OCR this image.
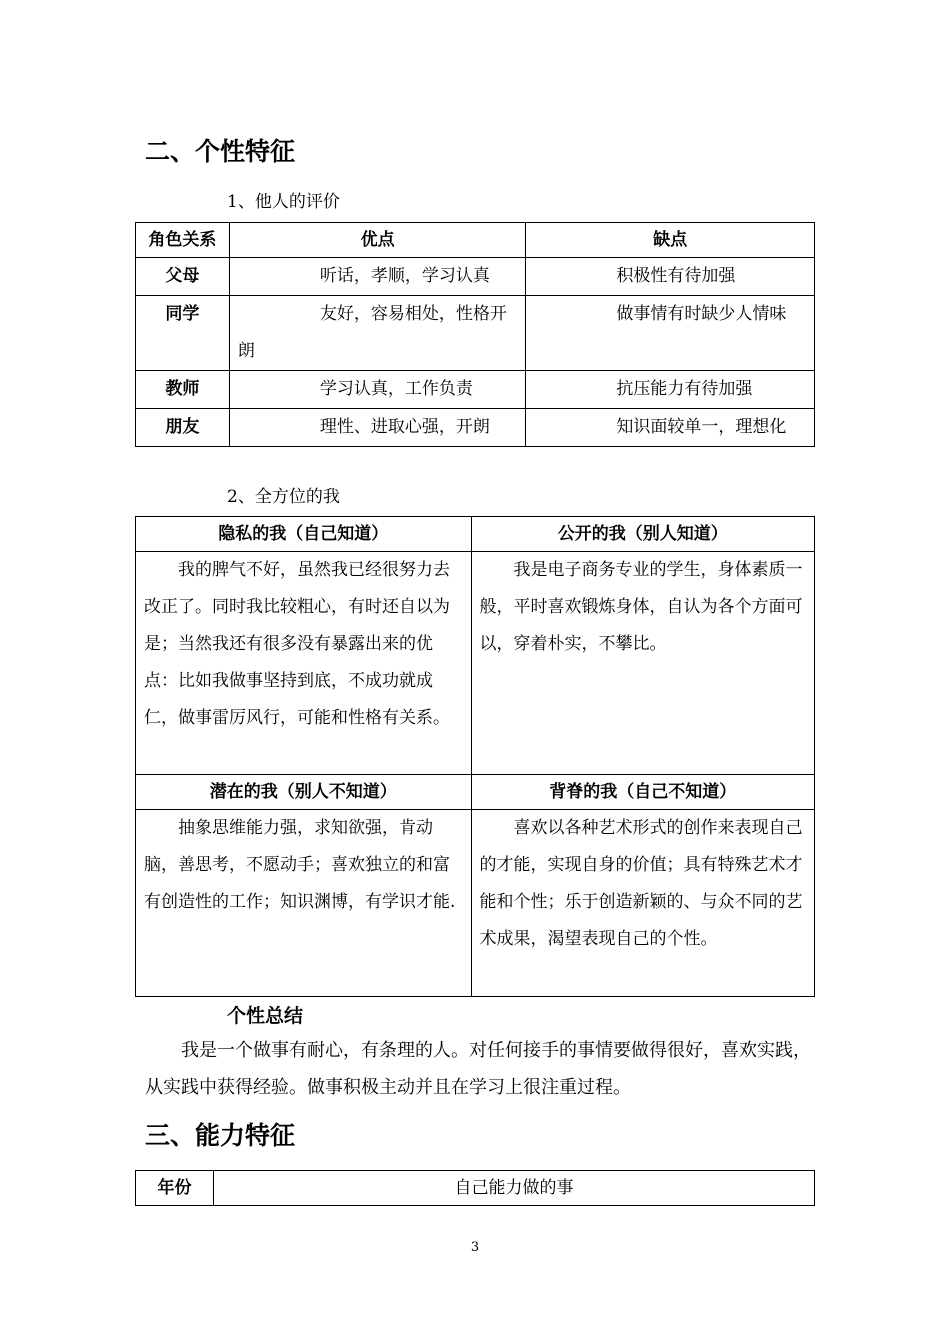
二、个性特征
1、他人的评价
角色关系	优点	缺点
父母	听话，孝顺，学习认真	积极性有待加强
同学	友好，容易相处，性格开朗	做事情有时缺少人情味
教师	学习认真，工作负责	抗压能力有待加强
朋友	理性、进取心强，开朗	知识面较单一，理想化
2、全方位的我
隐私的我（自己知道）	公开的我（别人知道）
我的脾气不好，虽然我已经很努力去改正了。同时我比较粗心，有时还自以为是；当然我还有很多没有暴露出来的优点：比如我做事坚持到底，不成功就成仁，做事雷厉风行，可能和性格有关系。	我是电子商务专业的学生，身体素质一般，平时喜欢锻炼身体，自认为各个方面可以，穿着朴实，不攀比。
潜在的我（别人不知道）	背脊的我（自己不知道）
抽象思维能力强，求知欲强，肯动脑，善思考，不愿动手；喜欢独立的和富有创造性的工作；知识渊博，有学识才能.	喜欢以各种艺术形式的创作来表现自己的才能，实现自身的价值；具有特殊艺术才能和个性；乐于创造新颖的、与众不同的艺术成果，渴望表现自己的个性。
个性总结
我是一个做事有耐心，有条理的人。对任何接手的事情要做得很好，喜欢实践，从实践中获得经验。做事积极主动并且在学习上很注重过程。
三、能力特征
年份	自己能力做的事
3
